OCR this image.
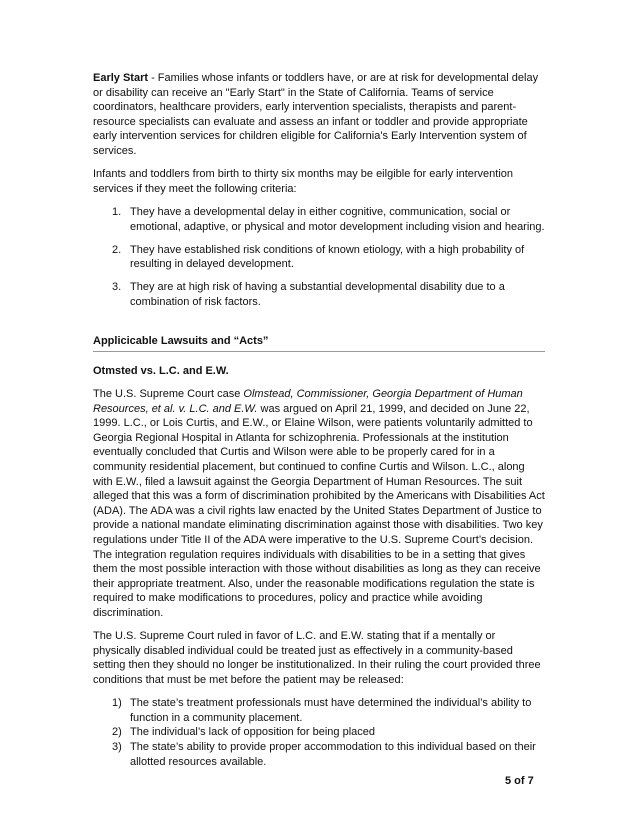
Early Start - Families whose infants or toddlers have, or are at risk for developmental delay or disability can receive an "Early Start" in the State of California. Teams of service coordinators, healthcare providers, early intervention specialists, therapists and parent-resource specialists can evaluate and assess an infant or toddler and provide appropriate early intervention services for children eligible for California's Early Intervention system of services.

Infants and toddlers from birth to thirty six months may be eilgible for early intervention services if they meet the following criteria:

1. They have a developmental delay in either cognitive, communication, social or emotional, adaptive, or physical and motor development including vision and hearing.
2. They have established risk conditions of known etiology, with a high probability of resulting in delayed development.
3. They are at high risk of having a substantial developmental disability due to a combination of risk factors.

Applicicable Lawsuits and “Acts”

Otmsted vs. L.C. and E.W.

The U.S. Supreme Court case Olmstead, Commissioner, Georgia Department of Human Resources, et al. v. L.C. and E.W. was argued on April 21, 1999, and decided on June 22, 1999. L.C., or Lois Curtis, and E.W., or Elaine Wilson, were patients voluntarily admitted to Georgia Regional Hospital in Atlanta for schizophrenia. Professionals at the institution eventually concluded that Curtis and Wilson were able to be properly cared for in a community residential placement, but continued to confine Curtis and Wilson. L.C., along with E.W., filed a lawsuit against the Georgia Department of Human Resources. The suit alleged that this was a form of discrimination prohibited by the Americans with Disabilities Act (ADA). The ADA was a civil rights law enacted by the United States Department of Justice to provide a national mandate eliminating discrimination against those with disabilities. Two key regulations under Title II of the ADA were imperative to the U.S. Supreme Court’s decision. The integration regulation requires individuals with disabilities to be in a setting that gives them the most possible interaction with those without disabilities as long as they can receive their appropriate treatment. Also, under the reasonable modifications regulation the state is required to make modifications to procedures, policy and practice while avoiding discrimination.

The U.S. Supreme Court ruled in favor of L.C. and E.W. stating that if a mentally or physically disabled individual could be treated just as effectively in a community-based setting then they should no longer be institutionalized. In their ruling the court provided three conditions that must be met before the patient may be released:

1) The state’s treatment professionals must have determined the individual’s ability to function in a community placement.
2) The individual’s lack of opposition for being placed
3) The state’s ability to provide proper accommodation to this individual based on their allotted resources available.
5 of 7
